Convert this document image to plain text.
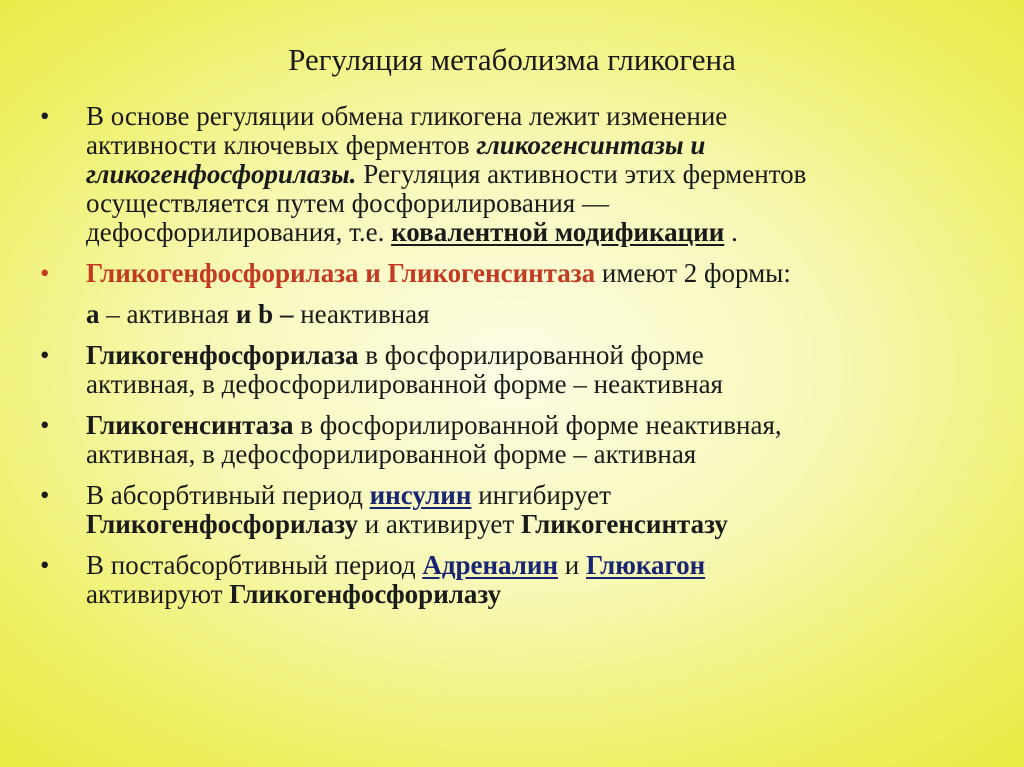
Регуляция метаболизма гликогена
• В основе регуляции обмена гликогена лежит изменение
активности ключевых ферментов гликогенсинтазы и
гликогенфосфорилазы. Регуляция активности этих ферментов
осуществляется путем фосфорилирования —
дефосфорилирования, т.е. ковалентной модификации .
• Гликогенфосфорилаза и Гликогенсинтаза имеют 2 формы:
а – активная и b – неактивная
• Гликогенфосфорилаза в фосфорилированной форме
активная, в дефосфорилированной форме – неактивная
• Гликогенсинтаза в фосфорилированной форме неактивная,
активная, в дефосфорилированной форме – активная
• В абсорбтивный период инсулин ингибирует
Гликогенфосфорилазу и активирует Гликогенсинтазу
• В постабсорбтивный период Адреналин и Глюкагон
активируют Гликогенфосфорилазу
